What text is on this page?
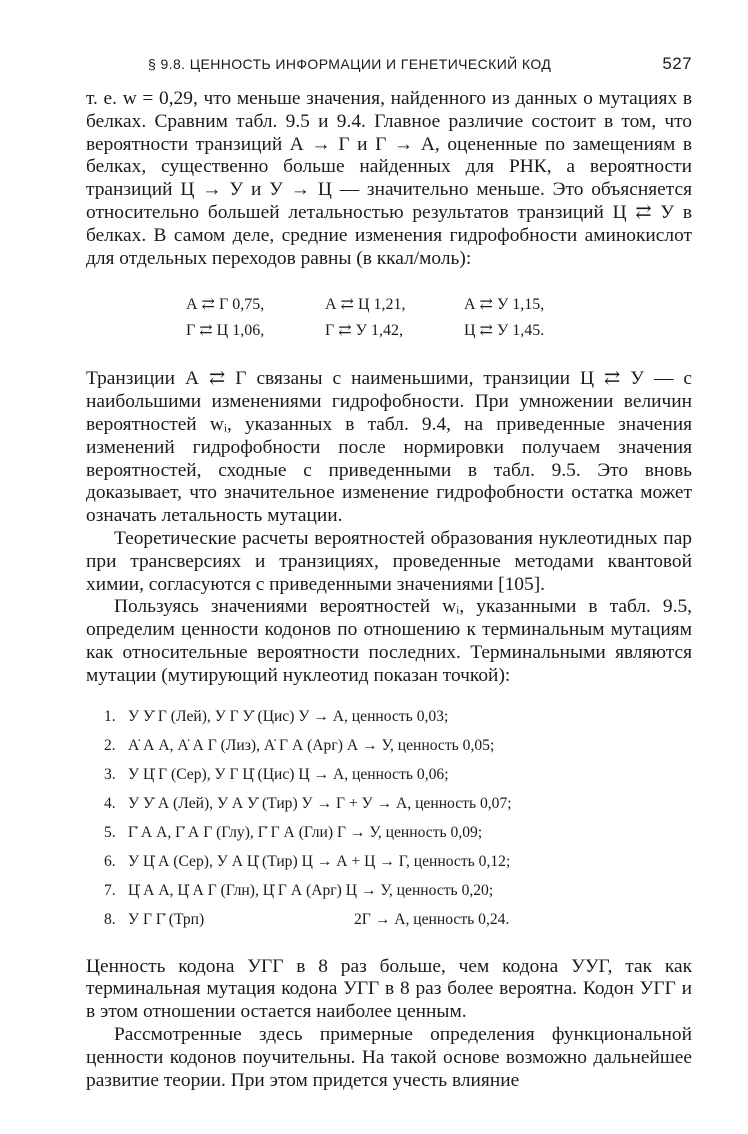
§ 9.8. ЦЕННОСТЬ ИНФОРМАЦИИ И ГЕНЕТИЧЕСКИЙ КОД	527

т. е. w = 0,29, что меньше значения, найденного из данных о мутациях в белках. Сравним табл. 9.5 и 9.4. Главное различие состоит в том, что вероятности транзиций А → Г и Г → А, оцененные по замещениям в белках, существенно больше найденных для РНК, а вероятности транзиций Ц → У и У → Ц — значительно меньше. Это объясняется относительно большей летальностью результатов транзиций Ц ⇄ У в белках. В самом деле, средние изменения гидрофобности аминокислот для отдельных переходов равны (в ккал/моль):

А ⇄ Г 0,75,	А ⇄ Ц 1,21,	А ⇄ У 1,15,
Г ⇄ Ц 1,06,	Г ⇄ У 1,42,	Ц ⇄ У 1,45.

Транзиции А ⇄ Г связаны с наименьшими, транзиции Ц ⇄ У — с наибольшими изменениями гидрофобности. При умножении величин вероятностей wᵢ, указанных в табл. 9.4, на приведенные значения изменений гидрофобности после нормировки получаем значения вероятностей, сходные с приведенными в табл. 9.5. Это вновь доказывает, что значительное изменение гидрофобности остатка может означать летальность мутации.

Теоретические расчеты вероятностей образования нуклеотидных пар при трансверсиях и транзициях, проведенные методами квантовой химии, согласуются с приведенными значениями [105].

Пользуясь значениями вероятностей wᵢ, указанными в табл. 9.5, определим ценности кодонов по отношению к терминальным мутациям как относительные вероятности последних. Терминальными являются мутации (мутирующий нуклеотид показан точкой):

1. У У̇ Г (Лей), У Г У̇ (Цис) У → А, ценность 0,03;
2. А̇ А А, А̇ А Г (Лиз), А̇ Г А (Арг) А → У, ценность 0,05;
3. У Ц̇ Г (Сер), У Г Ц̇ (Цис) Ц → А, ценность 0,06;
4. У У̇ А (Лей), У А У̇ (Тир) У → Г + У → А, ценность 0,07;
5. Г̇ А А, Г̇ А Г (Глу), Г̇ Г А (Гли) Г → У, ценность 0,09;
6. У Ц̇ А (Сер), У А Ц̇ (Тир) Ц → А + Ц → Г, ценность 0,12;
7. Ц̇ А А, Ц̇ А Г (Глн), Ц̇ Г А (Арг) Ц → У, ценность 0,20;
8. У Г Г̇ (Трп)	2Г → А, ценность 0,24.

Ценность кодона УГГ в 8 раз больше, чем кодона УУГ, так как терминальная мутация кодона УГГ в 8 раз более вероятна. Кодон УГГ и в этом отношении остается наиболее ценным.

Рассмотренные здесь примерные определения функциональной ценности кодонов поучительны. На такой основе возможно дальнейшее развитие теории. При этом придется учесть влияние
